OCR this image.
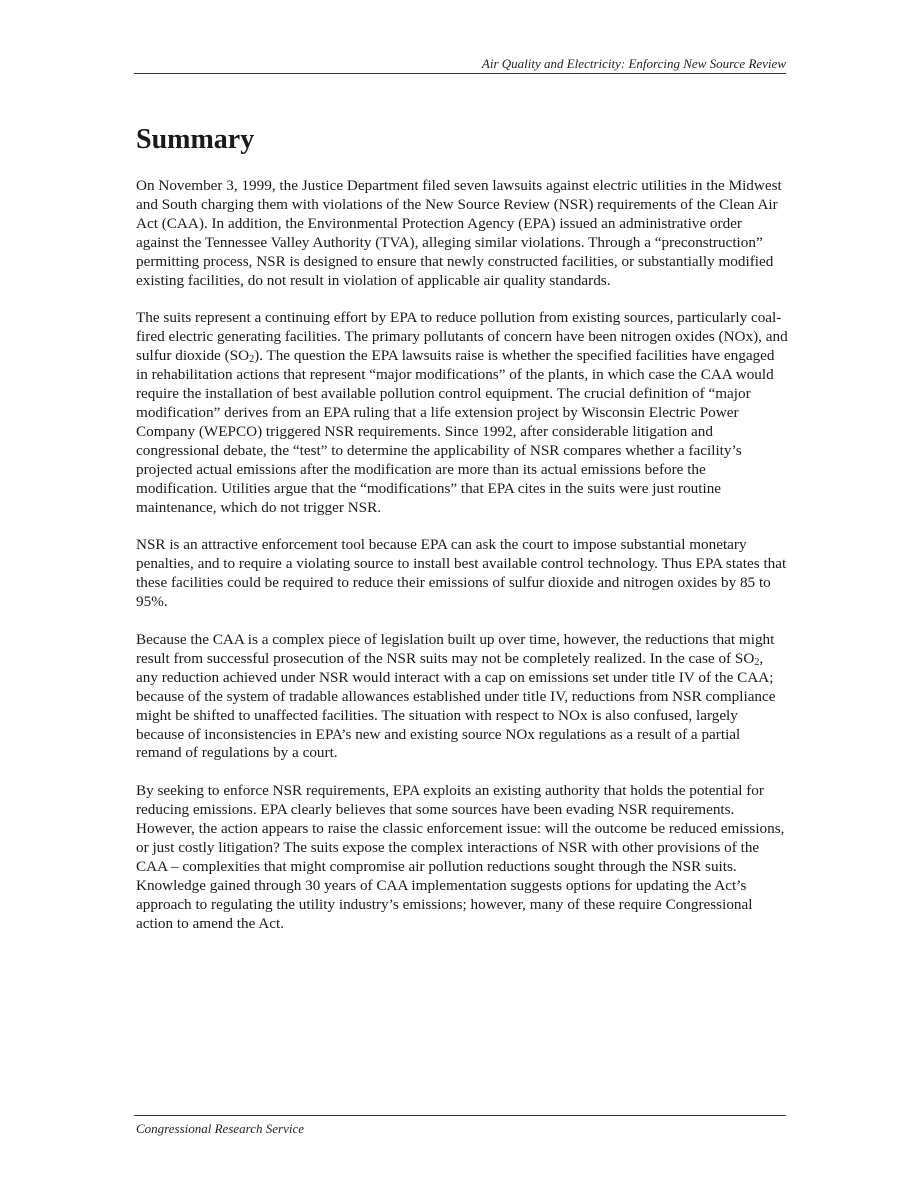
Air Quality and Electricity: Enforcing New Source Review
Summary

On November 3, 1999, the Justice Department filed seven lawsuits against electric utilities in the Midwest and South charging them with violations of the New Source Review (NSR) requirements of the Clean Air Act (CAA). In addition, the Environmental Protection Agency (EPA) issued an administrative order against the Tennessee Valley Authority (TVA), alleging similar violations. Through a “preconstruction” permitting process, NSR is designed to ensure that newly constructed facilities, or substantially modified existing facilities, do not result in violation of applicable air quality standards.

The suits represent a continuing effort by EPA to reduce pollution from existing sources, particularly coal-fired electric generating facilities. The primary pollutants of concern have been nitrogen oxides (NOx), and sulfur dioxide $(SO_2)$. The question the EPA lawsuits raise is whether the specified facilities have engaged in rehabilitation actions that represent “major modifications” of the plants, in which case the CAA would require the installation of best available pollution control equipment. The crucial definition of “major modification” derives from an EPA ruling that a life extension project by Wisconsin Electric Power Company (WEPCO) triggered NSR requirements. Since 1992, after considerable litigation and congressional debate, the “test” to determine the applicability of NSR compares whether a facility’s projected actual emissions after the modification are more than its actual emissions before the modification. Utilities argue that the “modifications” that EPA cites in the suits were just routine maintenance, which do not trigger NSR.

NSR is an attractive enforcement tool because EPA can ask the court to impose substantial monetary penalties, and to require a violating source to install best available control technology. Thus EPA states that these facilities could be required to reduce their emissions of sulfur dioxide and nitrogen oxides by 85 to 95%.

Because the CAA is a complex piece of legislation built up over time, however, the reductions that might result from successful prosecution of the NSR suits may not be completely realized. In the case of $SO_2$, any reduction achieved under NSR would interact with a cap on emissions set under title IV of the CAA; because of the system of tradable allowances established under title IV, reductions from NSR compliance might be shifted to unaffected facilities. The situation with respect to NOx is also confused, largely because of inconsistencies in EPA’s new and existing source NOx regulations as a result of a partial remand of regulations by a court.

By seeking to enforce NSR requirements, EPA exploits an existing authority that holds the potential for reducing emissions. EPA clearly believes that some sources have been evading NSR requirements. However, the action appears to raise the classic enforcement issue: will the outcome be reduced emissions, or just costly litigation? The suits expose the complex interactions of NSR with other provisions of the CAA – complexities that might compromise air pollution reductions sought through the NSR suits. Knowledge gained through 30 years of CAA implementation suggests options for updating the Act’s approach to regulating the utility industry’s emissions; however, many of these require Congressional action to amend the Act.

Congressional Research Service
